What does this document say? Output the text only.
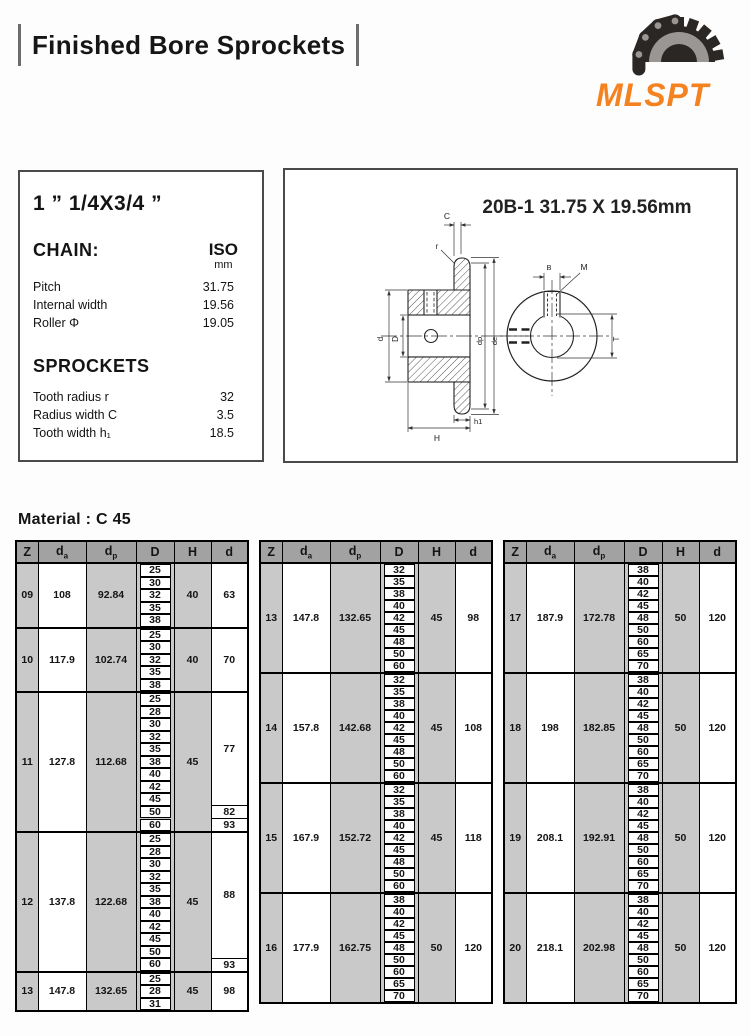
Finished Bore Sprockets
MLSPT
1 ” 1/4X3/4 ”
CHAIN:	ISO
mm
Pitch	31.75
Internal width	19.56
Roller Φ	19.05
SPROCKETS
Tooth radius r	32
Radius width C	3.5
Tooth width h₁	18.5
20B-1 31.75 X 19.56mm
d D	dp de
C
r
H
h1
B	M
T
Material : C 45
Z	$d_a$	$d_p$	D	H	d
09	108	92.84	25	40	63

			30		

			32		

			35		

			38		

10	117.9	102.74	25	40	70

			30		

			32		

			35		

			38		

11	127.8	112.68	25	45	77

			28		

			30		

			32		

			35		

			38		

			40		

			42		

			45		

			50		82

			60		93
12	137.8	122.68	25	45	88

			28		

			30		

			32		

			35		

			38		

			40		

			42		

			45		

			50		

			60		93
13	147.8	132.65	25	45	98

			28		

			31		
Z	$d_a$	$d_p$	D	H	d
13	147.8	132.65	32	45	98

			35		

			38		

			40		

			42		

			45		

			48		

			50		

			60		

14	157.8	142.68	32	45	108

			35		

			38		

			40		

			42		

			45		

			48		

			50		

			60		

15	167.9	152.72	32	45	118

			35		

			38		

			40		

			42		

			45		

			48		

			50		

			60		

16	177.9	162.75	38	50	120

			40		

			42		

			45		

			48		

			50		

			60		

			65		

			70		
Z	$d_a$	$d_p$	D	H	d
17	187.9	172.78	38	50	120

			40		

			42		

			45		

			48		

			50		

			60		

			65		

			70		

18	198	182.85	38	50	120

			40		

			42		

			45		

			48		

			50		

			60		

			65		

			70		

19	208.1	192.91	38	50	120

			40		

			42		

			45		

			48		

			50		

			60		

			65		

			70		

20	218.1	202.98	38	50	120

			40		

			42		

			45		

			48		

			50		

			60		

			65		

			70		
